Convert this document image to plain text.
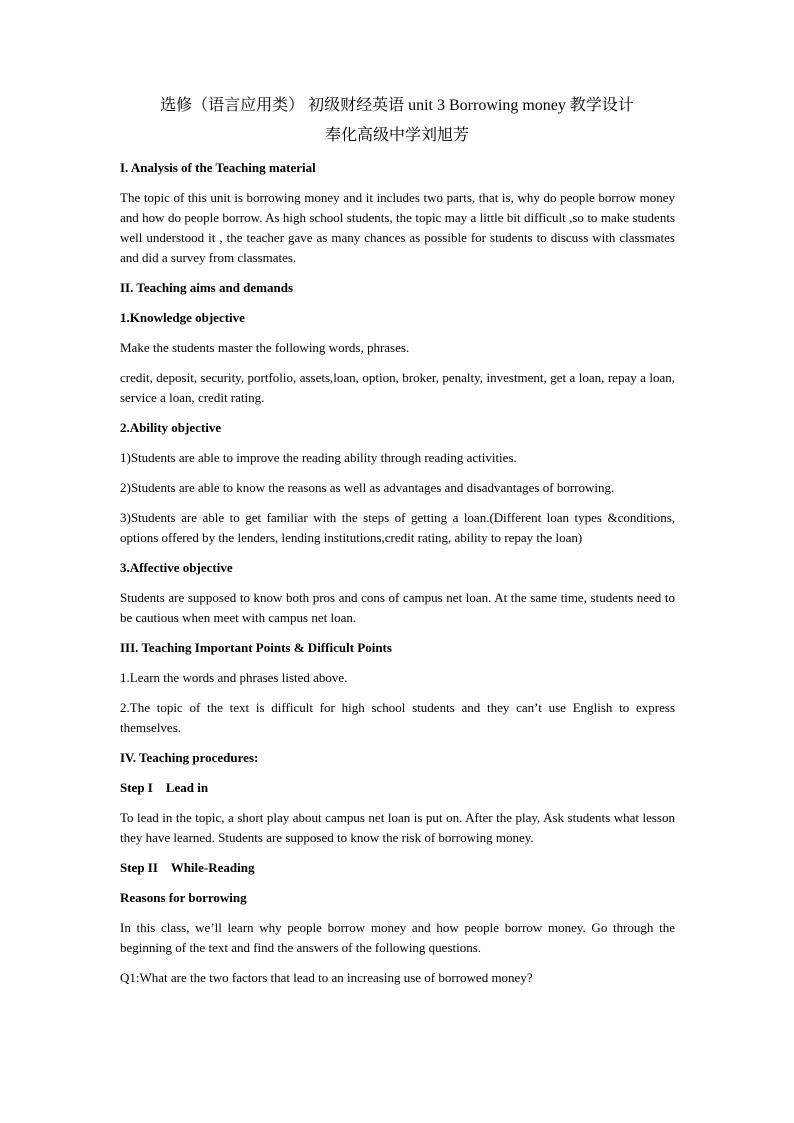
选修（语言应用类） 初级财经英语 unit 3 Borrowing money 教学设计
奉化高级中学刘旭芳
I. Analysis of the Teaching material
The topic of this unit is borrowing money and it includes two parts, that is, why do people borrow money and how do people borrow. As high school students, the topic may a little bit difficult ,so to make students well understood it , the teacher gave as many chances as possible for students to discuss with classmates and did a survey from classmates.
II. Teaching aims and demands
1.Knowledge objective
Make the students master the following words, phrases.
credit, deposit, security, portfolio, assets,loan, option, broker, penalty, investment, get a loan, repay a loan, service a loan, credit rating.
2.Ability objective
1)Students are able to improve the reading ability through reading activities.
2)Students are able to know the reasons as well as advantages and disadvantages of borrowing.
3)Students are able to get familiar with the steps of getting a loan.(Different loan types &conditions, options offered by the lenders, lending institutions,credit rating, ability to repay the loan)
3.Affective objective
Students are supposed to know both pros and cons of campus net loan. At the same time, students need to be cautious when meet with campus net loan.
III. Teaching Important Points & Difficult Points
1.Learn the words and phrases listed above.
2.The topic of the text is difficult for high school students and they can’t use English to express themselves.
IV. Teaching procedures:
Step I    Lead in
To lead in the topic, a short play about campus net loan is put on. After the play, Ask students what lesson they have learned. Students are supposed to know the risk of borrowing money.
Step II    While-Reading
Reasons for borrowing
In this class, we’ll learn why people borrow money and how people borrow money. Go through the beginning of the text and find the answers of the following questions.
Q1:What are the two factors that lead to an increasing use of borrowed money?
